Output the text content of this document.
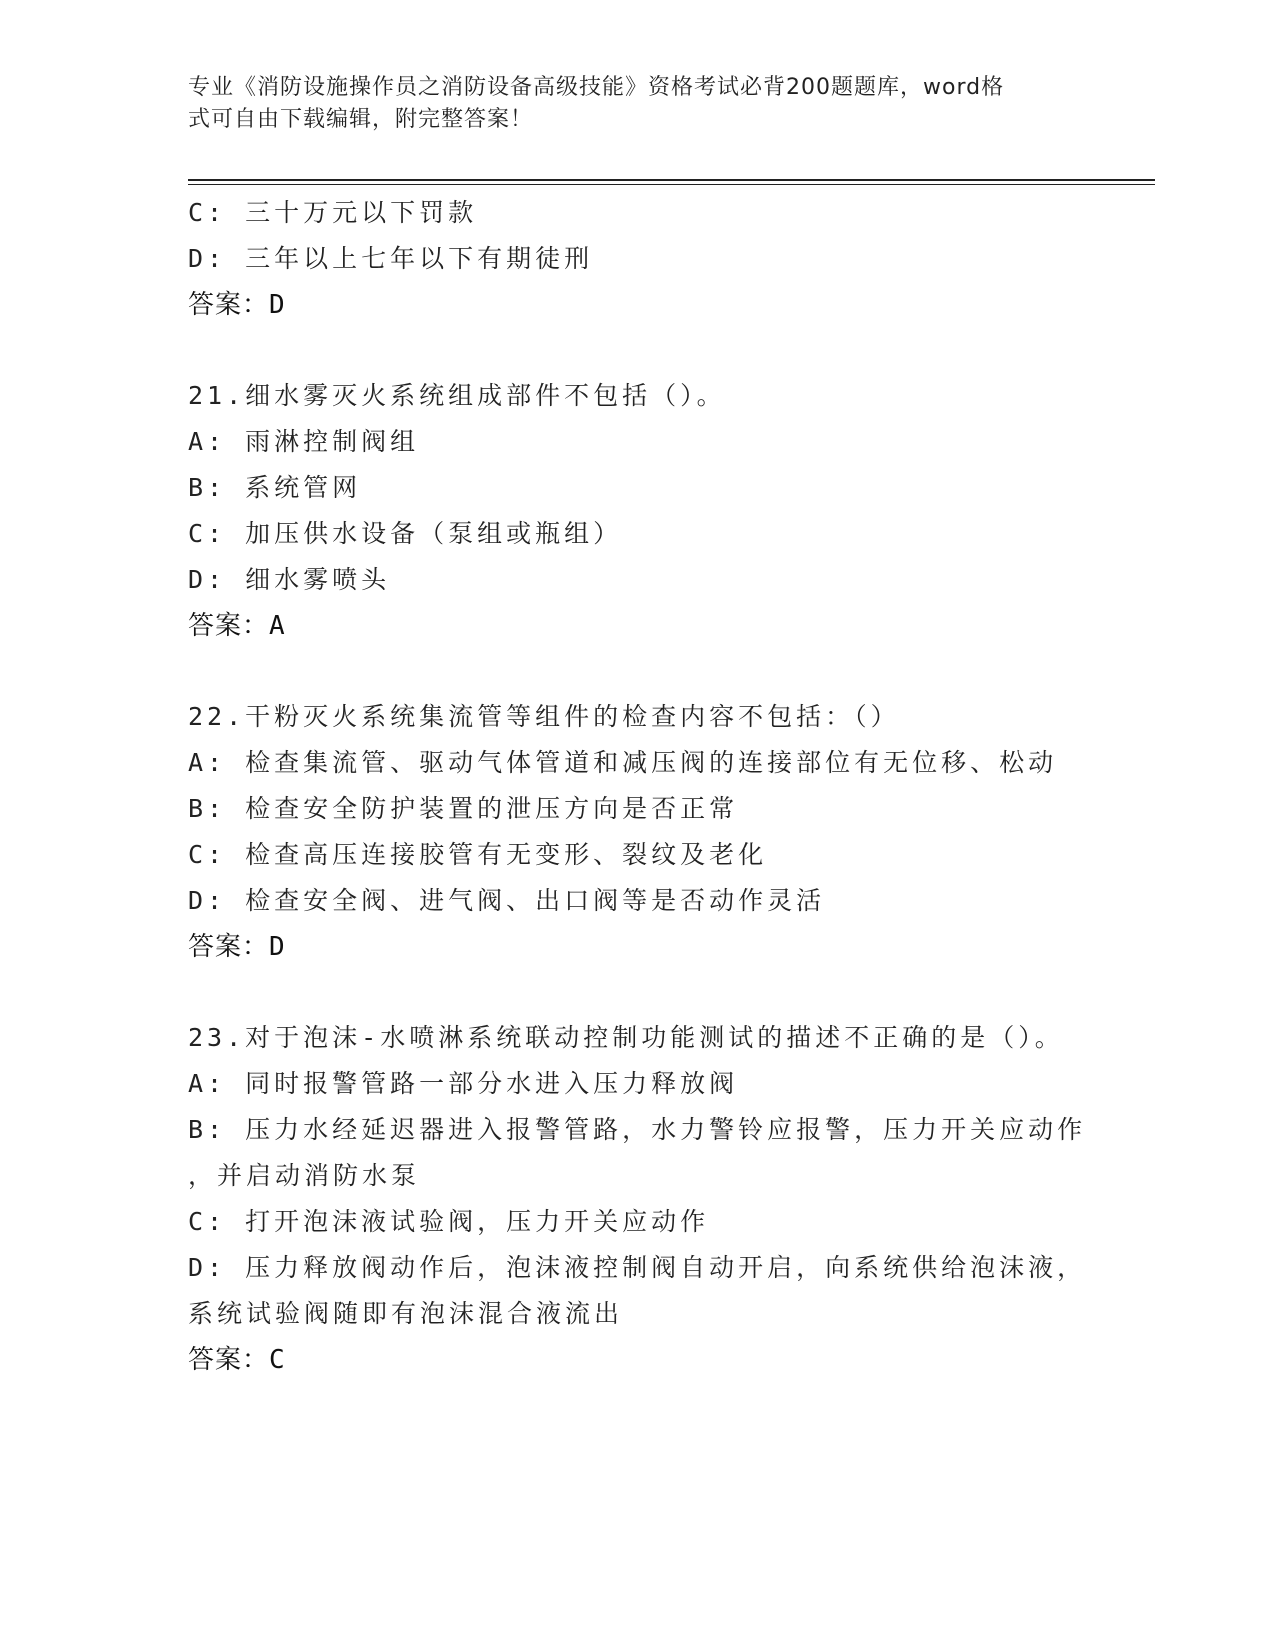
专业《消防设施操作员之消防设备高级技能》资格考试必背200题题库，word格
式可自由下载编辑，附完整答案！
C: 三十万元以下罚款
D: 三年以上七年以下有期徒刑
答案：D
21.细水雾灭火系统组成部件不包括（）。
A: 雨淋控制阀组
B: 系统管网
C: 加压供水设备（泵组或瓶组）
D: 细水雾喷头
答案：A
22.干粉灭火系统集流管等组件的检查内容不包括：（）
A: 检查集流管、驱动气体管道和减压阀的连接部位有无位移、松动
B: 检查安全防护装置的泄压方向是否正常
C: 检查高压连接胶管有无变形、裂纹及老化
D: 检查安全阀、进气阀、出口阀等是否动作灵活
答案：D
23.对于泡沫-水喷淋系统联动控制功能测试的描述不正确的是（）。
A: 同时报警管路一部分水进入压力释放阀
B: 压力水经延迟器进入报警管路，水力警铃应报警，压力开关应动作
，并启动消防水泵
C: 打开泡沫液试验阀，压力开关应动作
D: 压力释放阀动作后，泡沫液控制阀自动开启，向系统供给泡沫液，
系统试验阀随即有泡沫混合液流出
答案：C
